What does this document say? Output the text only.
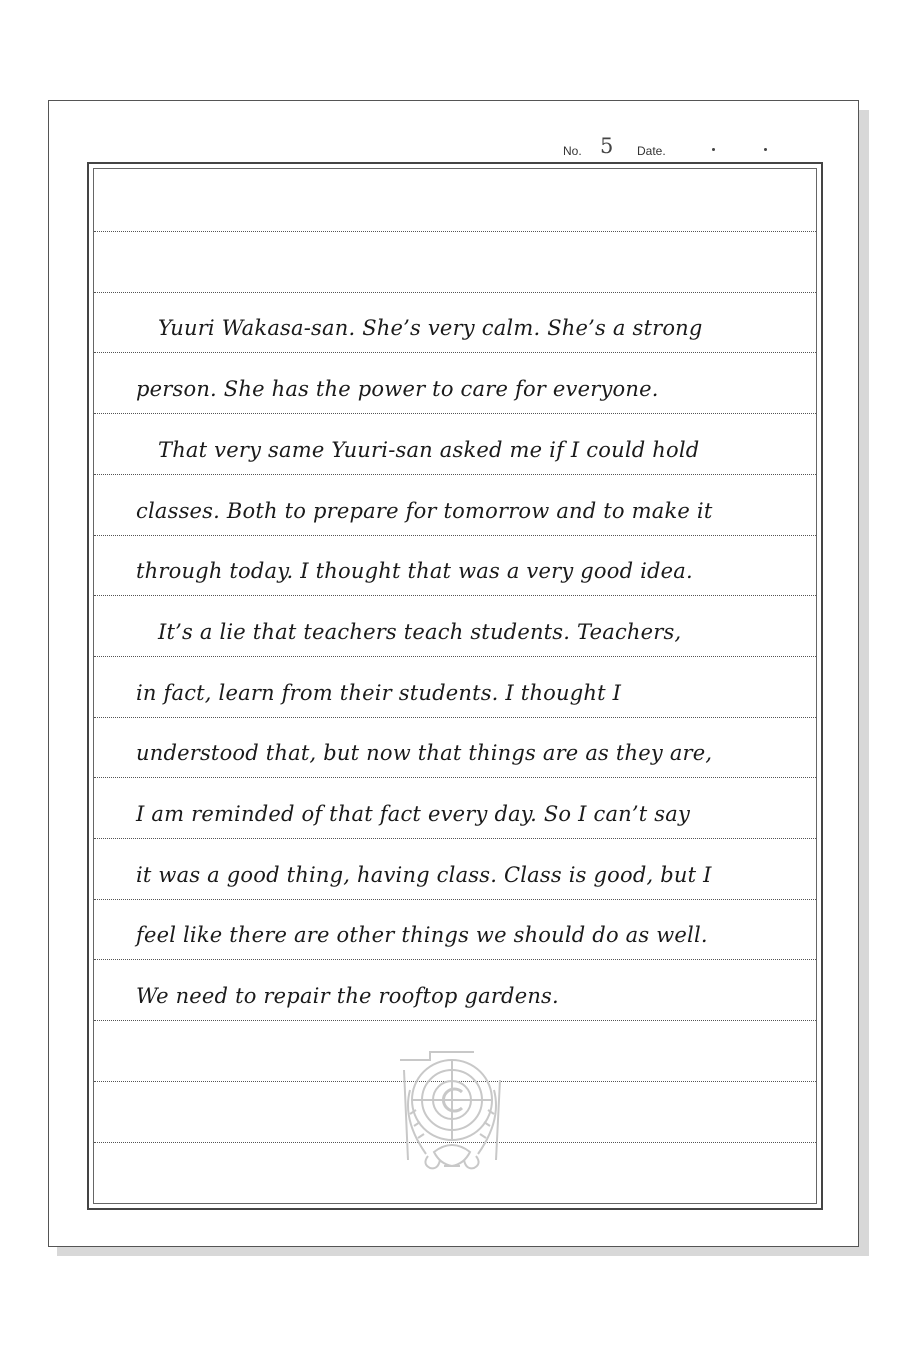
No. 5 Date.
Yuuri Wakasa-san. She’s very calm. She’s a strong
person. She has the power to care for everyone.
That very same Yuuri-san asked me if I could hold
classes. Both to prepare for tomorrow and to make it
through today. I thought that was a very good idea.
It’s a lie that teachers teach students. Teachers,
in fact, learn from their students. I thought I
understood that, but now that things are as they are,
I am reminded of that fact every day. So I can’t say
it was a good thing, having class. Class is good, but I
feel like there are other things we should do as well.
We need to repair the rooftop gardens.
